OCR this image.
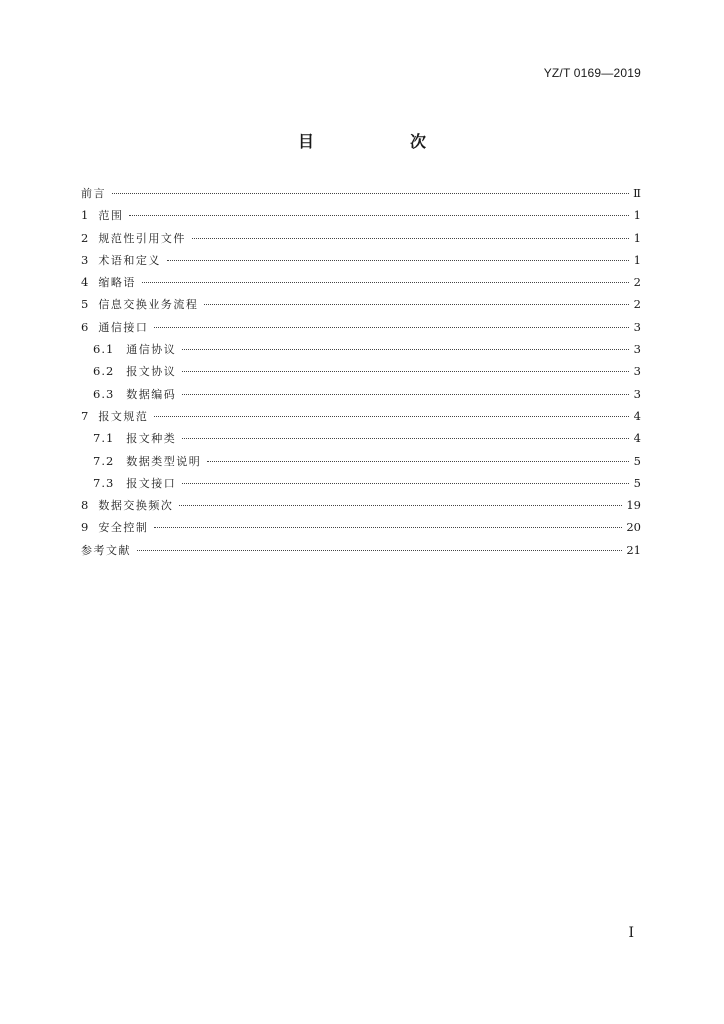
YZ/T 0169—2019
目　次
前言	Ⅱ
1 范围	1
2 规范性引用文件	1
3 术语和定义	1
4 缩略语	2
5 信息交换业务流程	2
6 通信接口	3
6.1 通信协议	3
6.2 报文协议	3
6.3 数据编码	3
7 报文规范	4
7.1 报文种类	4
7.2 数据类型说明	5
7.3 报文接口	5
8 数据交换频次	19
9 安全控制	20
参考文献	21
I
